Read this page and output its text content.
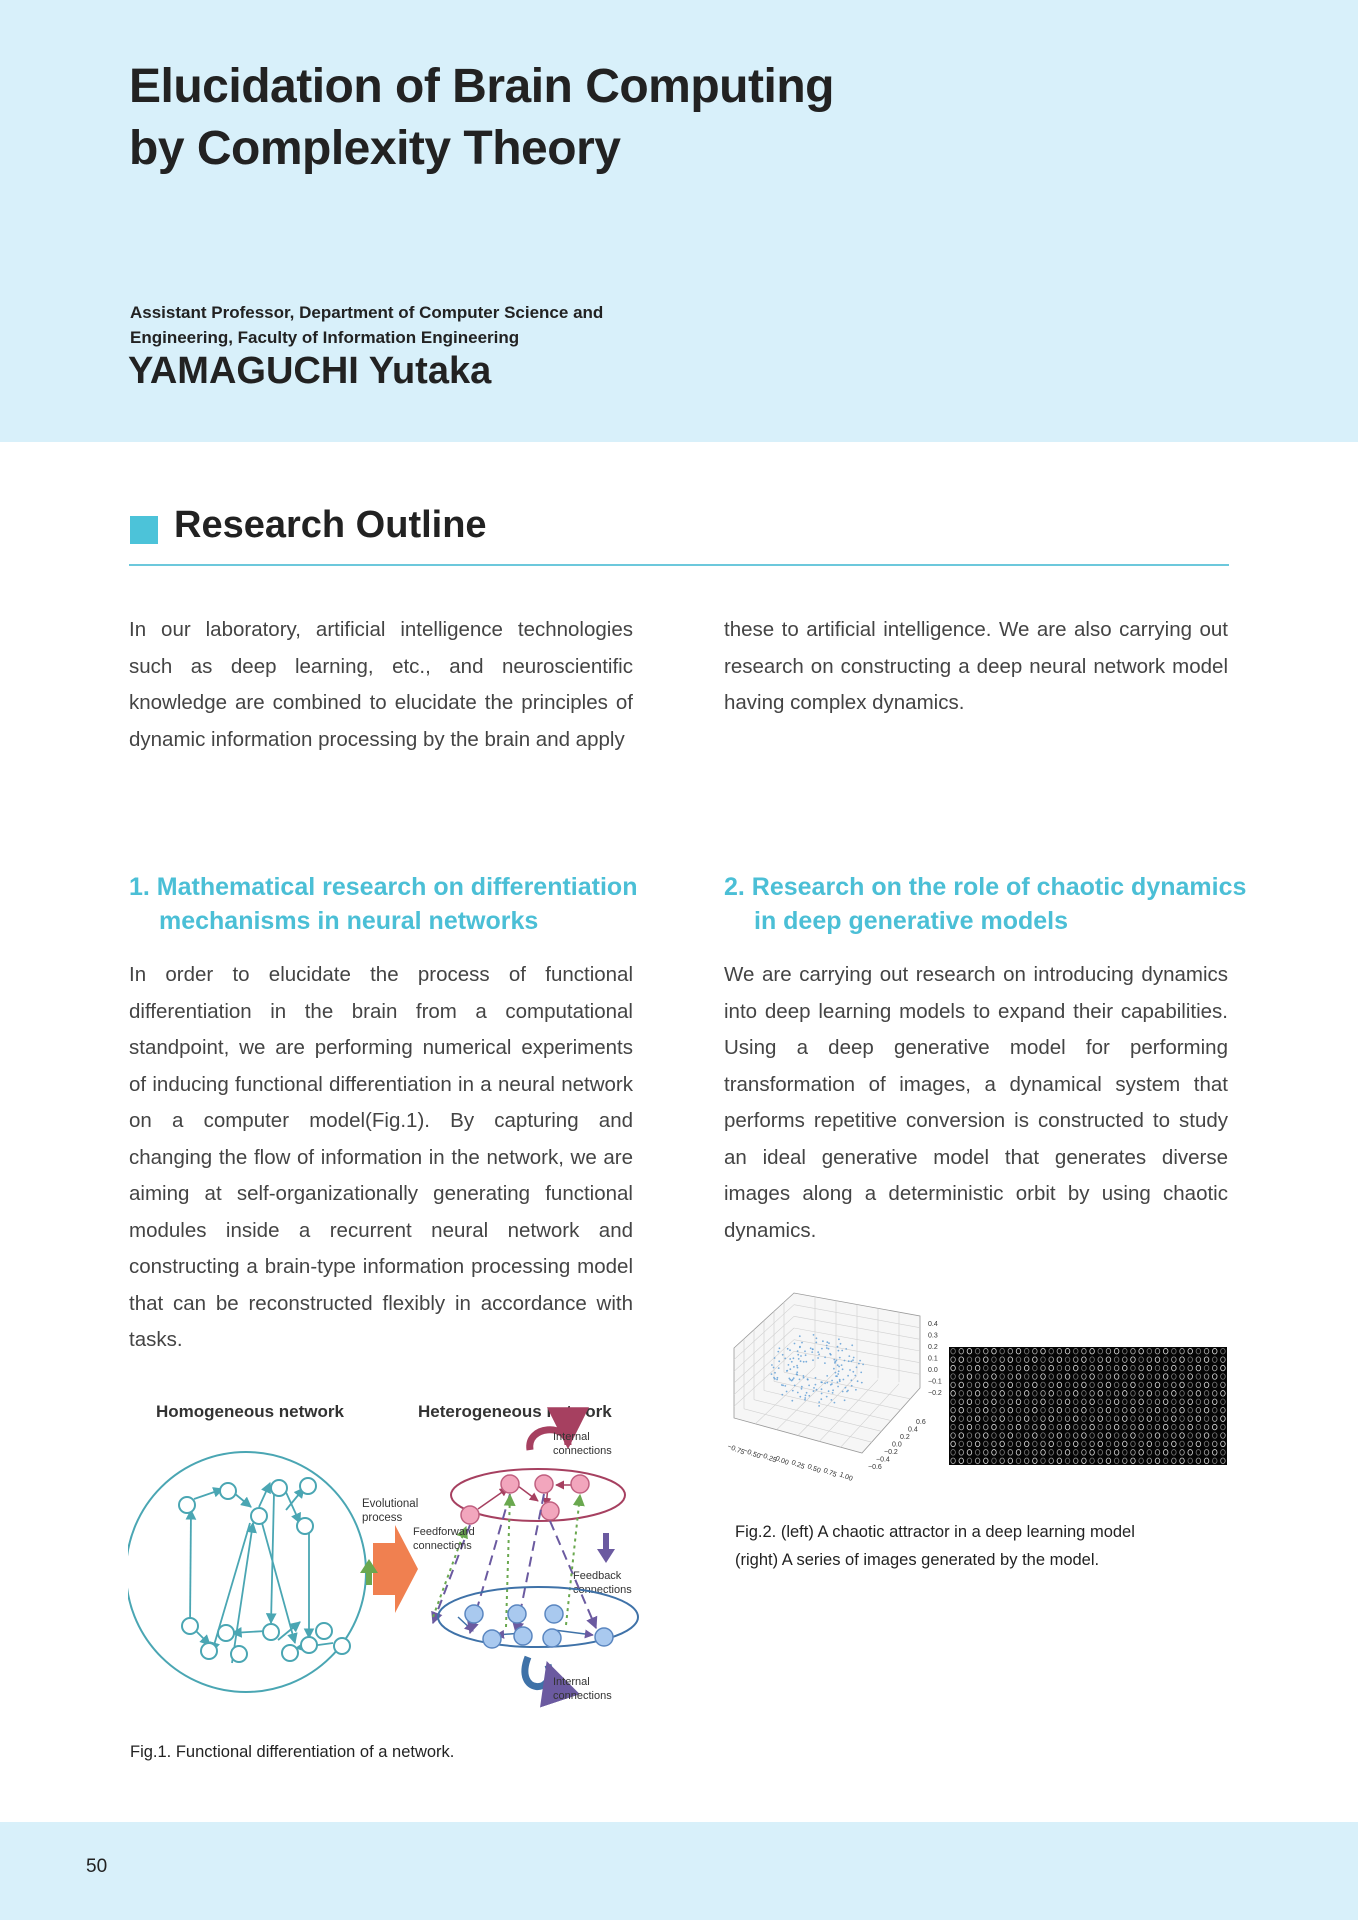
Elucidation of Brain Computing
by Complexity Theory

Assistant Professor, Department of Computer Science and
Engineering, Faculty of Information Engineering

YAMAGUCHI Yutaka

Research Outline

In our laboratory, artificial intelligence technologies such as deep learning, etc., and neuroscientific knowledge are combined to elucidate the principles of dynamic information processing by the brain and apply

these to artificial intelligence. We are also carrying out research on constructing a deep neural network model having complex dynamics.

1. Mathematical research on differentiation mechanisms in neural networks

In order to elucidate the process of functional differentiation in the brain from a computational standpoint, we are performing numerical experiments of inducing functional differentiation in a neural network on a computer model(Fig.1). By capturing and changing the flow of information in the network, we are aiming at self-organizationally generating functional modules inside a recurrent neural network and constructing a brain-type information processing model that can be reconstructed flexibly in accordance with tasks.

2. Research on the role of chaotic dynamics in deep generative models

We are carrying out research on introducing dynamics into deep learning models to expand their capabilities. Using a deep generative model for performing transformation of images, a dynamical system that performs repetitive conversion is constructed to study an ideal generative model that generates diverse images along a deterministic orbit by using chaotic dynamics.

Homogeneous network	Heterogeneous network
Evolutional process
Internal connections
Feedforward connections
Feedback connections
Internal connections

Fig.1. Functional differentiation of a network.

0.4
0.3
0.2
0.1
0.0
−0.1
−0.2
0.6
0.4
0.2
0.0
−0.2
−0.4
−0.6
−0.75
−0.50
−0.25
0.00 0.25 0.50 0.75 1.00

Fig.2. (left) A chaotic attractor in a deep learning model
(right) A series of images generated by the model.

50
